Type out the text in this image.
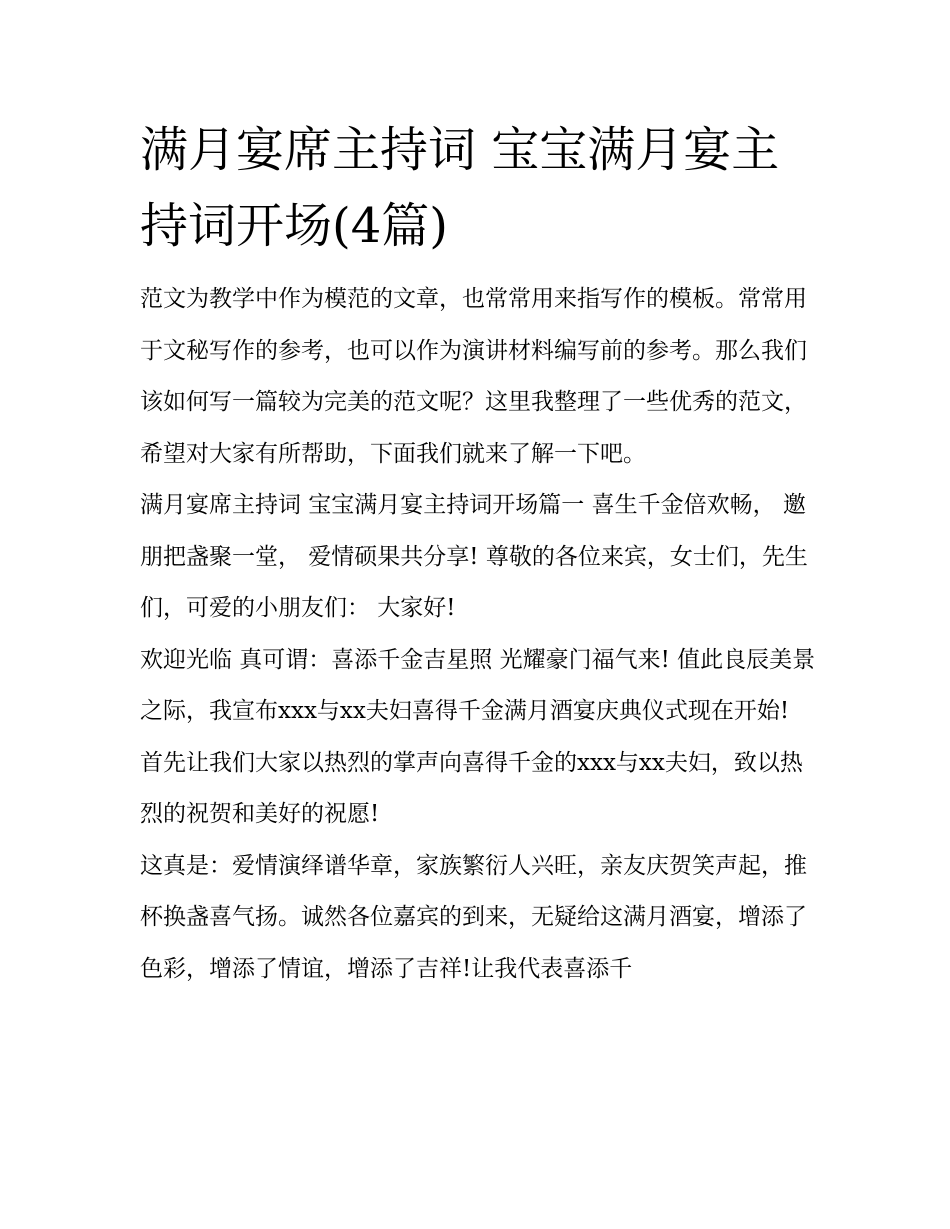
满月宴席主持词 宝宝满月宴主持词开场(4篇)

范文为教学中作为模范的文章，也常常用来指写作的模板。常常用于文秘写作的参考，也可以作为演讲材料编写前的参考。那么我们该如何写一篇较为完美的范文呢？这里我整理了一些优秀的范文，希望对大家有所帮助，下面我们就来了解一下吧。

满月宴席主持词 宝宝满月宴主持词开场篇一 喜生千金倍欢畅， 邀朋把盏聚一堂， 爱情硕果共分享! 尊敬的各位来宾，女士们，先生们，可爱的小朋友们： 大家好!

欢迎光临 真可谓：喜添千金吉星照 光耀豪门福气来! 值此良辰美景之际，我宣布xxx与xx夫妇喜得千金满月酒宴庆典仪式现在开始!

首先让我们大家以热烈的掌声向喜得千金的xxx与xx夫妇，致以热烈的祝贺和美好的祝愿!

这真是：爱情演绎谱华章，家族繁衍人兴旺，亲友庆贺笑声起，推杯换盏喜气扬。诚然各位嘉宾的到来，无疑给这满月酒宴，增添了色彩，增添了情谊，增添了吉祥!让我代表喜添千
